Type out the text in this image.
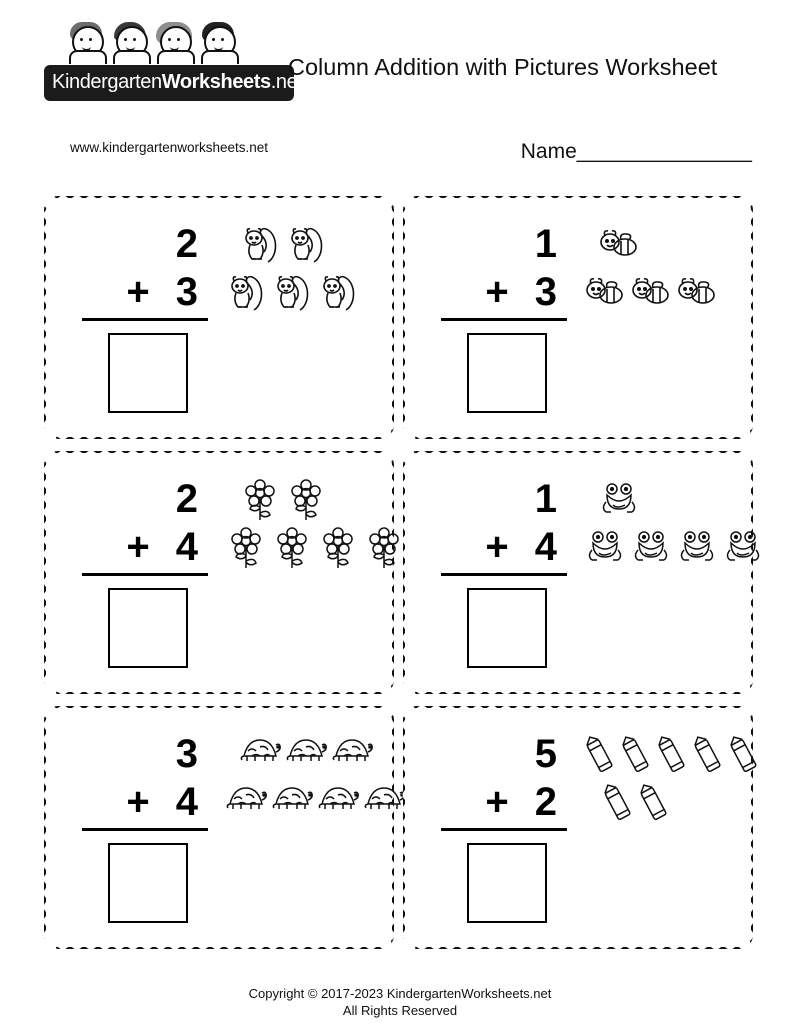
KindergartenWorksheets.net
www.kindergartenworksheets.net
Column Addition with Pictures Worksheet
Name_______________
2
+ 3
1
+ 3
2
+ 4
1
+ 4
3
+ 4
5
+ 2
Copyright © 2017-2023 KindergartenWorksheets.net
All Rights Reserved
